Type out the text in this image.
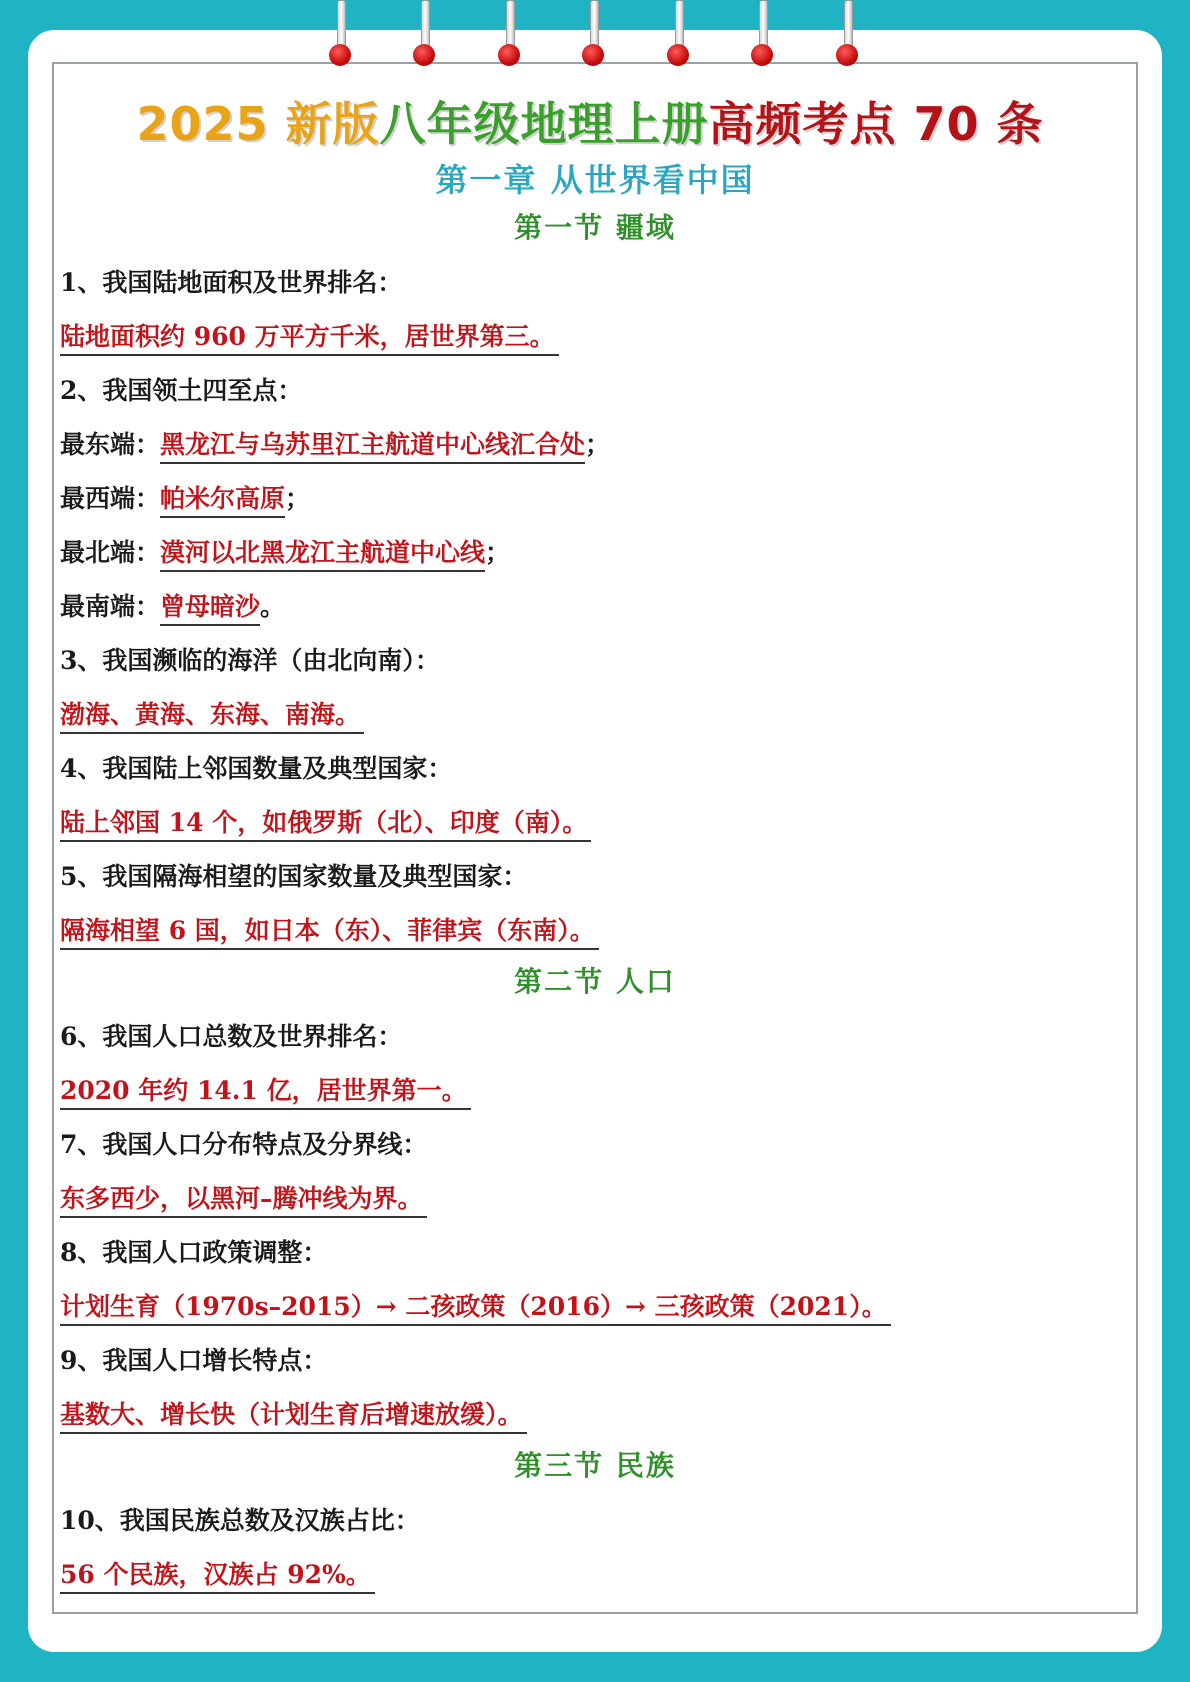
2025 新版八年级地理上册高频考点 70 条
第一章 从世界看中国
第一节 疆域
1、我国陆地面积及世界排名：
陆地面积约 960 万平方千米，居世界第三。
2、我国领土四至点：
最东端：黑龙江与乌苏里江主航道中心线汇合处；
最西端：帕米尔高原；
最北端：漠河以北黑龙江主航道中心线；
最南端：曾母暗沙。
3、我国濒临的海洋（由北向南）：
渤海、黄海、东海、南海。
4、我国陆上邻国数量及典型国家：
陆上邻国 14 个，如俄罗斯（北）、印度（南）。
5、我国隔海相望的国家数量及典型国家：
隔海相望 6 国，如日本（东）、菲律宾（东南）。
第二节 人口
6、我国人口总数及世界排名：
2020 年约 14.1 亿，居世界第一。
7、我国人口分布特点及分界线：
东多西少，以黑河–腾冲线为界。
8、我国人口政策调整：
计划生育（1970s–2015）→ 二孩政策（2016）→ 三孩政策（2021）。
9、我国人口增长特点：
基数大、增长快（计划生育后增速放缓）。
第三节 民族
10、我国民族总数及汉族占比：
56 个民族，汉族占 92%。
